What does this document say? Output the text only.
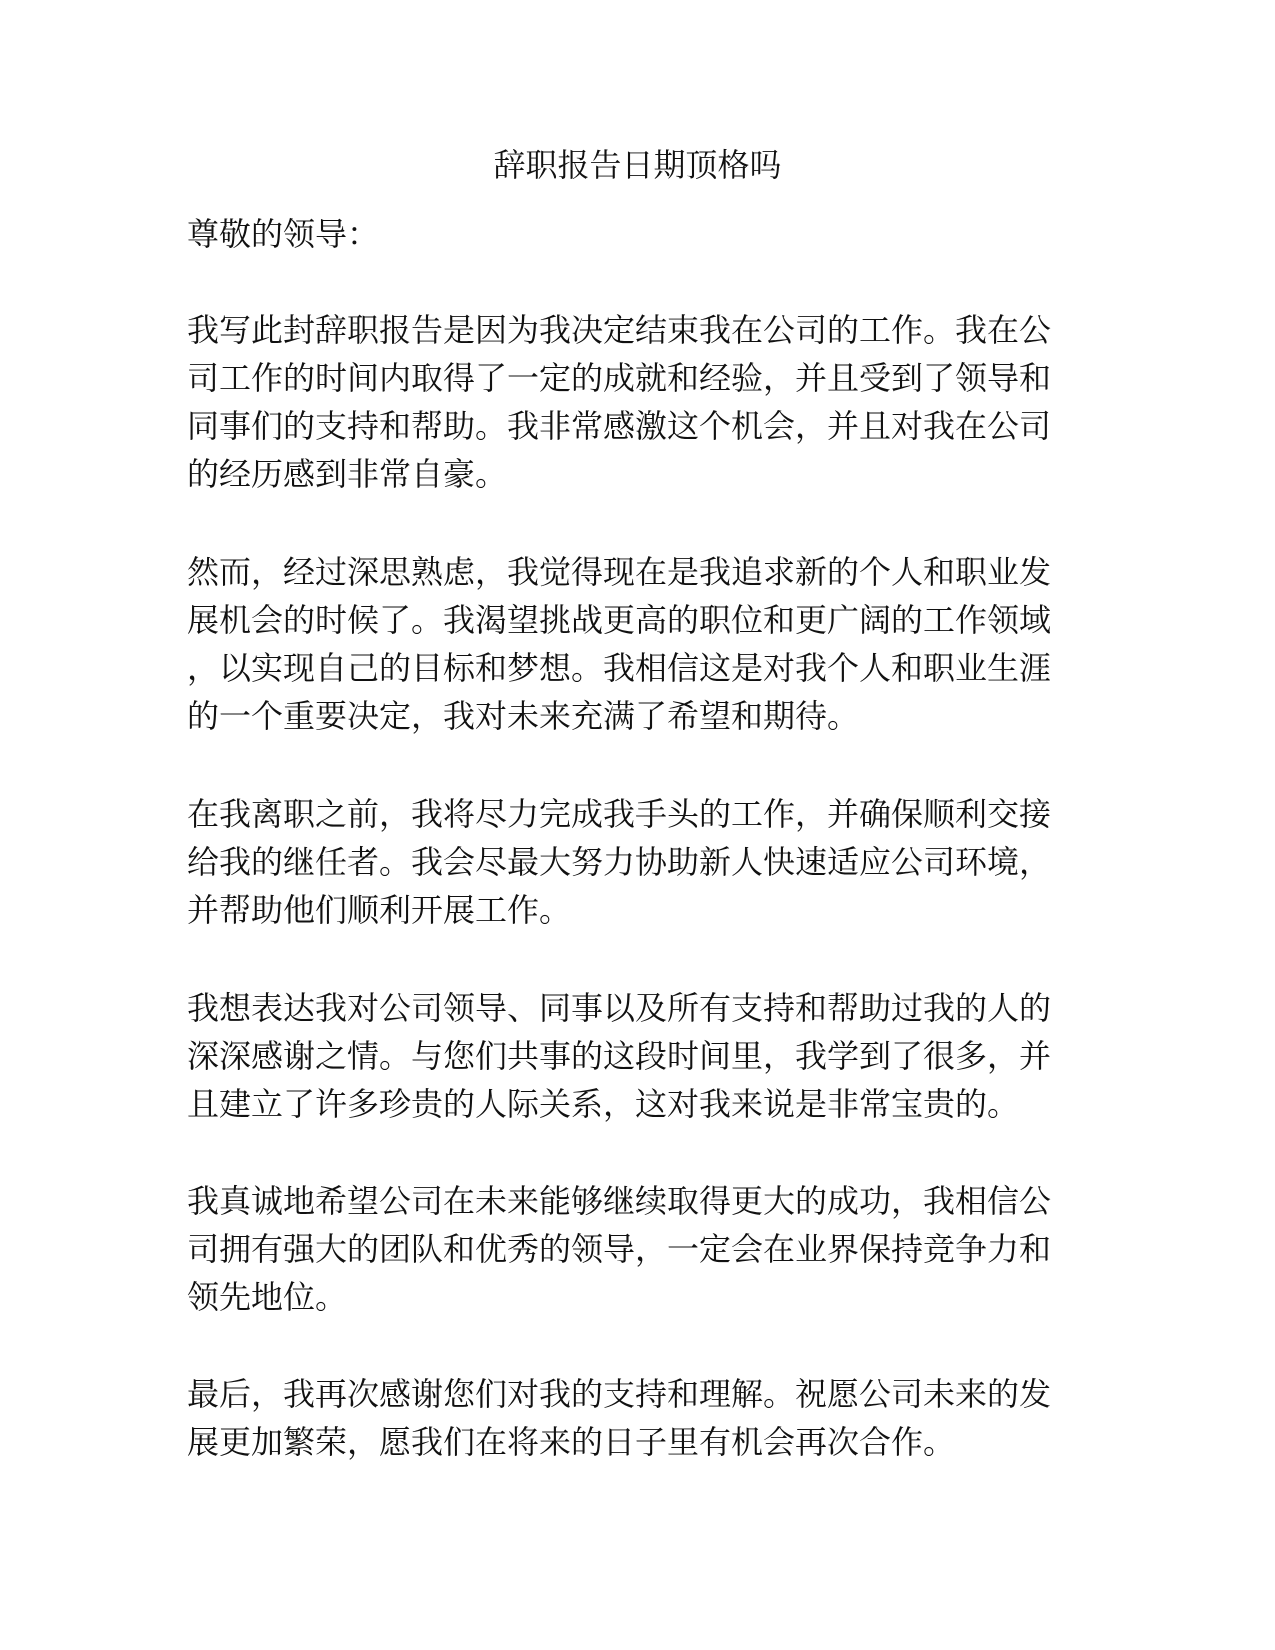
辞职报告日期顶格吗
尊敬的领导：
我写此封辞职报告是因为我决定结束我在公司的工作。我在公
司工作的时间内取得了一定的成就和经验，并且受到了领导和
同事们的支持和帮助。我非常感激这个机会，并且对我在公司
的经历感到非常自豪。
然而，经过深思熟虑，我觉得现在是我追求新的个人和职业发
展机会的时候了。我渴望挑战更高的职位和更广阔的工作领域
，以实现自己的目标和梦想。我相信这是对我个人和职业生涯
的一个重要决定，我对未来充满了希望和期待。
在我离职之前，我将尽力完成我手头的工作，并确保顺利交接
给我的继任者。我会尽最大努力协助新人快速适应公司环境，
并帮助他们顺利开展工作。
我想表达我对公司领导、同事以及所有支持和帮助过我的人的
深深感谢之情。与您们共事的这段时间里，我学到了很多，并
且建立了许多珍贵的人际关系，这对我来说是非常宝贵的。
我真诚地希望公司在未来能够继续取得更大的成功，我相信公
司拥有强大的团队和优秀的领导，一定会在业界保持竞争力和
领先地位。
最后，我再次感谢您们对我的支持和理解。祝愿公司未来的发
展更加繁荣，愿我们在将来的日子里有机会再次合作。
